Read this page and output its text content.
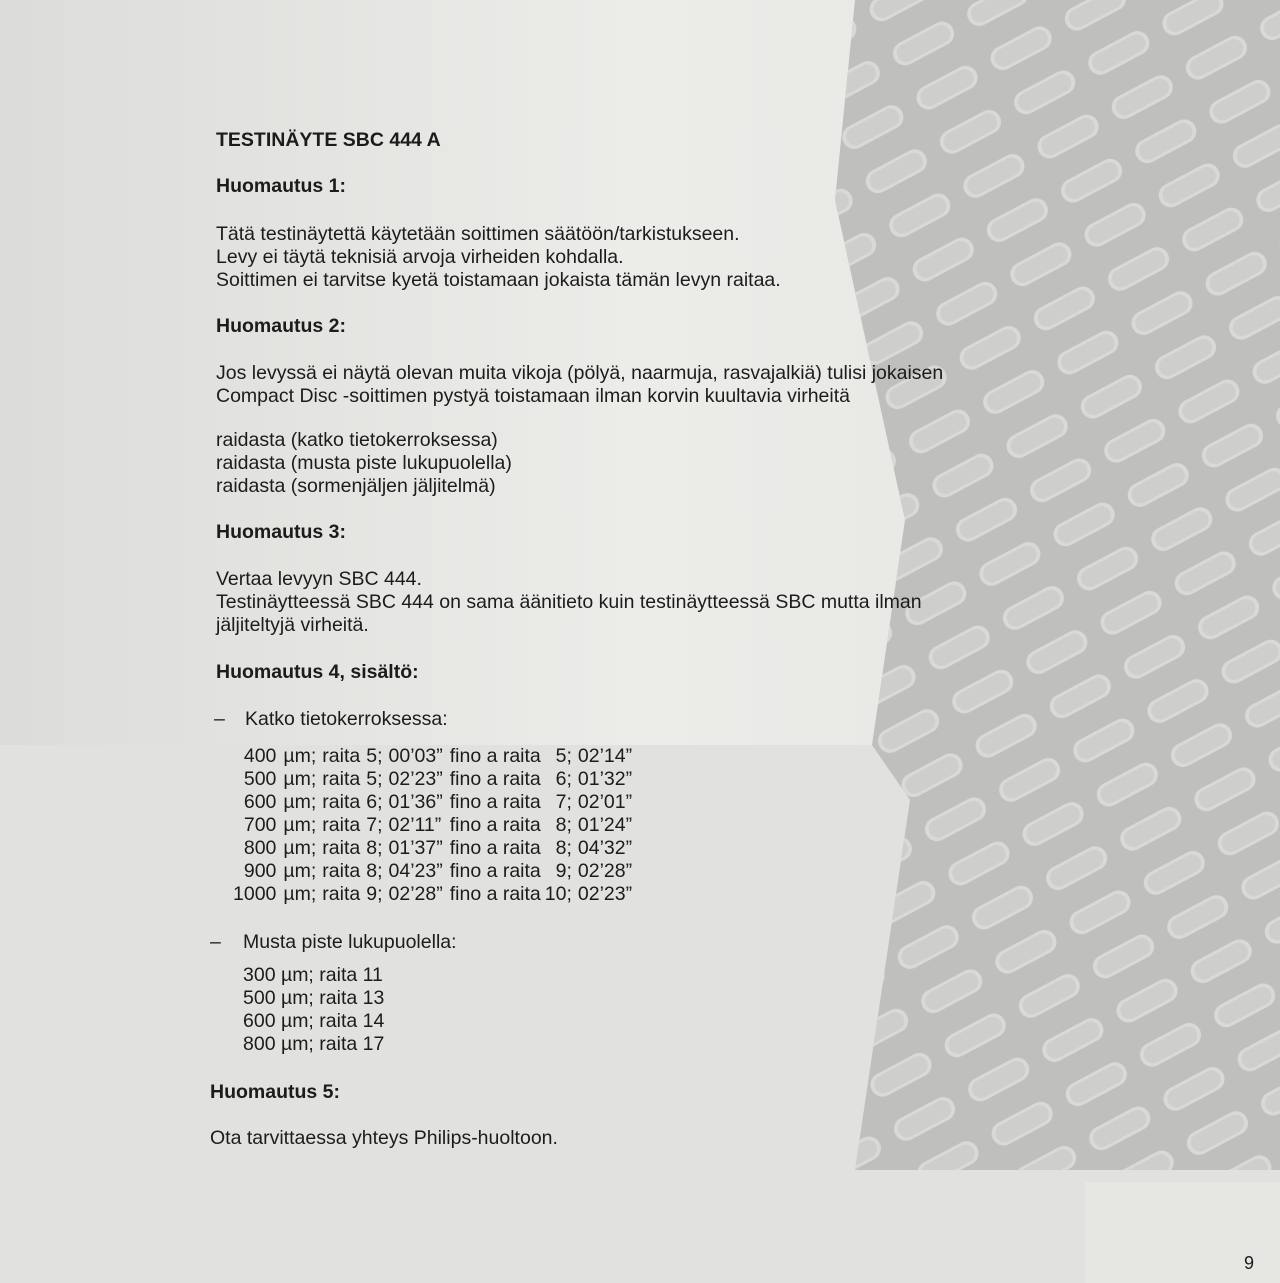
TESTINÄYTE SBC 444 A
Huomautus 1:
Tätä testinäytettä käytetään soittimen säätöön/tarkistukseen.
Levy ei täytä teknisiä arvoja virheiden kohdalla.
Soittimen ei tarvitse kyetä toistamaan jokaista tämän levyn raitaa.
Huomautus 2:
Jos levyssä ei näytä olevan muita vikoja (pölyä, naarmuja, rasvajalkiä) tulisi jokaisen
Compact Disc -soittimen pystyä toistamaan ilman korvin kuultavia virheitä
raidasta (katko tietokerroksessa)
raidasta (musta piste lukupuolella)
raidasta (sormenjäljen jäljitelmä)
Huomautus 3:
Vertaa levyyn SBC 444.
Testinäytteessä SBC 444 on sama äänitieto kuin testinäytteessä SBC mutta ilman
jäljiteltyjä virheitä.
Huomautus 4, sisältö:
– Katko tietokerroksessa:
400	µm;	raita	5;	00’03”	fino a raita	5;	02’14”
500	µm;	raita	5;	02’23”	fino a raita	6;	01’32”
600	µm;	raita	6;	01’36”	fino a raita	7;	02’01”
700	µm;	raita	7;	02’11”	fino a raita	8;	01’24”
800	µm;	raita	8;	01’37”	fino a raita	8;	04’32”
900	µm;	raita	8;	04’23”	fino a raita	9;	02’28”
1000	µm;	raita	9;	02’28”	fino a raita	10;	02’23”
– Musta piste lukupuolella:
300 µm; raita 11
500 µm; raita 13
600 µm; raita 14
800 µm; raita 17
Huomautus 5:
Ota tarvittaessa yhteys Philips-huoltoon.
9
